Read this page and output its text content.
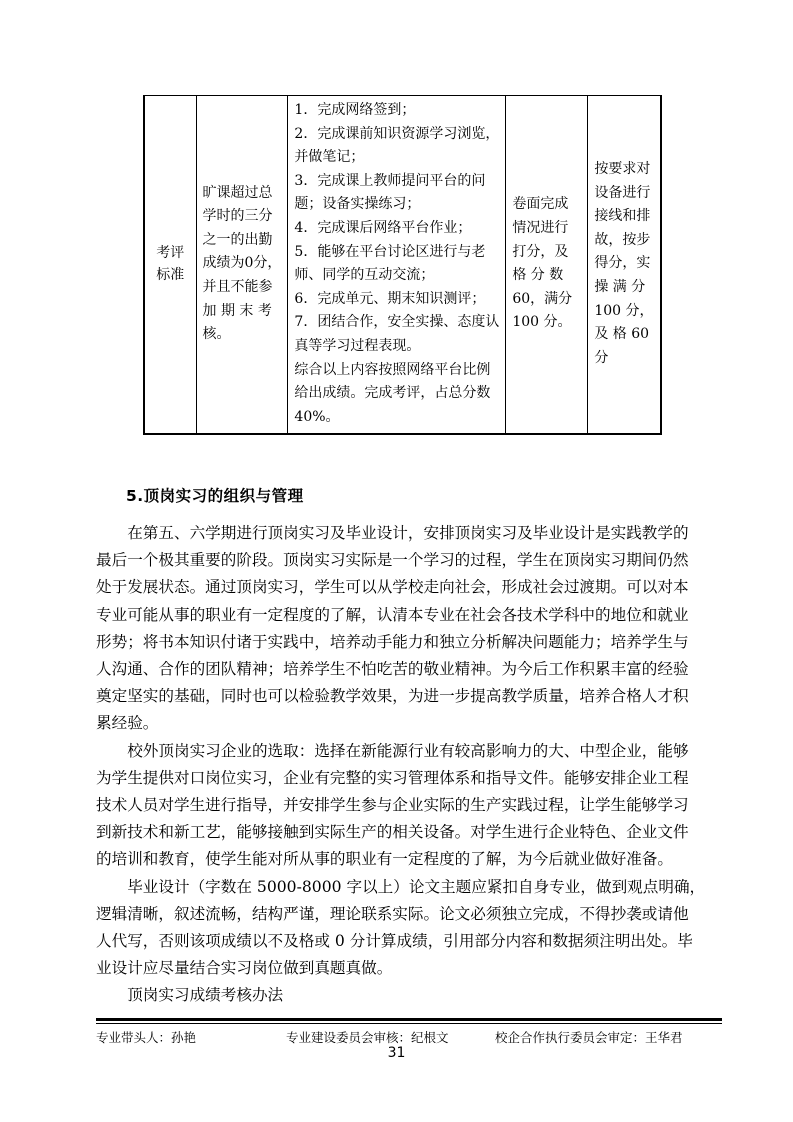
考评
标准

旷课超过总
学时的三分
之一的出勤
成绩为0分，
并且不能参
加 期 末 考
核。

1．完成网络签到；
2．完成课前知识资源学习浏览，
并做笔记；
3．完成课上教师提问平台的问
题；设备实操练习；
4．完成课后网络平台作业；
5．能够在平台讨论区进行与老
师、同学的互动交流；
6．完成单元、期末知识测评；
7．团结合作，安全实操、态度认
真等学习过程表现。
综合以上内容按照网络平台比例
给出成绩。完成考评，占总分数
40%。

卷面完成
情况进行
打分，及
格 分 数
60，满分
100 分。

按要求对
设备进行
接线和排
故，按步
得分，实
操 满 分
100 分，
及 格 60
分
5.顶岗实习的组织与管理

　　在第五、六学期进行顶岗实习及毕业设计，安排顶岗实习及毕业设计是实践教学的
最后一个极其重要的阶段。顶岗实习实际是一个学习的过程，学生在顶岗实习期间仍然
处于发展状态。通过顶岗实习，学生可以从学校走向社会，形成社会过渡期。可以对本
专业可能从事的职业有一定程度的了解，认清本专业在社会各技术学科中的地位和就业
形势；将书本知识付诸于实践中，培养动手能力和独立分析解决问题能力；培养学生与
人沟通、合作的团队精神；培养学生不怕吃苦的敬业精神。为今后工作积累丰富的经验
奠定坚实的基础，同时也可以检验教学效果，为进一步提高教学质量，培养合格人才积
累经验。

　　校外顶岗实习企业的选取：选择在新能源行业有较高影响力的大、中型企业，能够
为学生提供对口岗位实习，企业有完整的实习管理体系和指导文件。能够安排企业工程
技术人员对学生进行指导，并安排学生参与企业实际的生产实践过程，让学生能够学习
到新技术和新工艺，能够接触到实际生产的相关设备。对学生进行企业特色、企业文件
的培训和教育，使学生能对所从事的职业有一定程度的了解，为今后就业做好准备。

　　毕业设计（字数在 5000-8000 字以上）论文主题应紧扣自身专业，做到观点明确，
逻辑清晰，叙述流畅，结构严谨，理论联系实际。论文必须独立完成，不得抄袭或请他
人代写，否则该项成绩以不及格或 0 分计算成绩，引用部分内容和数据须注明出处。毕
业设计应尽量结合实习岗位做到真题真做。

　　顶岗实习成绩考核办法

专业带头人：孙艳	专业建设委员会审核：纪根文	校企合作执行委员会审定：王华君
31
